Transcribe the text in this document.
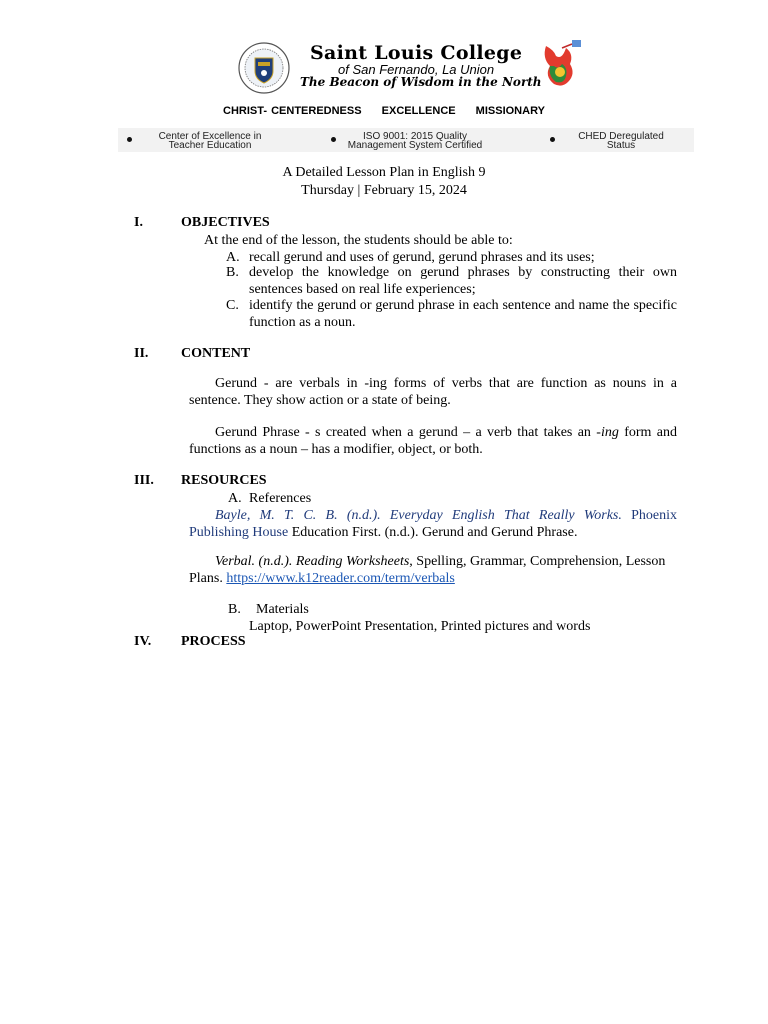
Saint Louis College
of San Fernando, La Union
The Beacon of Wisdom in the North
CHRIST- CENTEREDNESS EXCELLENCE MISSIONARY
Center of Excellence in
Teacher Education
ISO 9001: 2015 Quality
Management System Certified
CHED Deregulated
Status
A Detailed Lesson Plan in English 9
Thursday | February 15, 2024
I.	OBJECTIVES
At the end of the lesson, the students should be able to:
A. recall gerund and uses of gerund, gerund phrases and its uses;
B. develop the knowledge on gerund phrases by constructing their own sentences based on real life experiences;
C. identify the gerund or gerund phrase in each sentence and name the specific function as a noun.
II. CONTENT
Gerund - are verbals in -ing forms of verbs that are function as nouns in a sentence. They show action or a state of being.
Gerund Phrase - s created when a gerund – a verb that takes an -ing form and functions as a noun – has a modifier, object, or both.
III. RESOURCES
A. References
Bayle, M. T. C. B. (n.d.). Everyday English That Really Works. Phoenix Publishing House Education First. (n.d.). Gerund and Gerund Phrase.
Verbal. (n.d.). Reading Worksheets, Spelling, Grammar, Comprehension, Lesson Plans. https://www.k12reader.com/term/verbals
B. Materials
Laptop, PowerPoint Presentation, Printed pictures and words
IV. PROCESS
